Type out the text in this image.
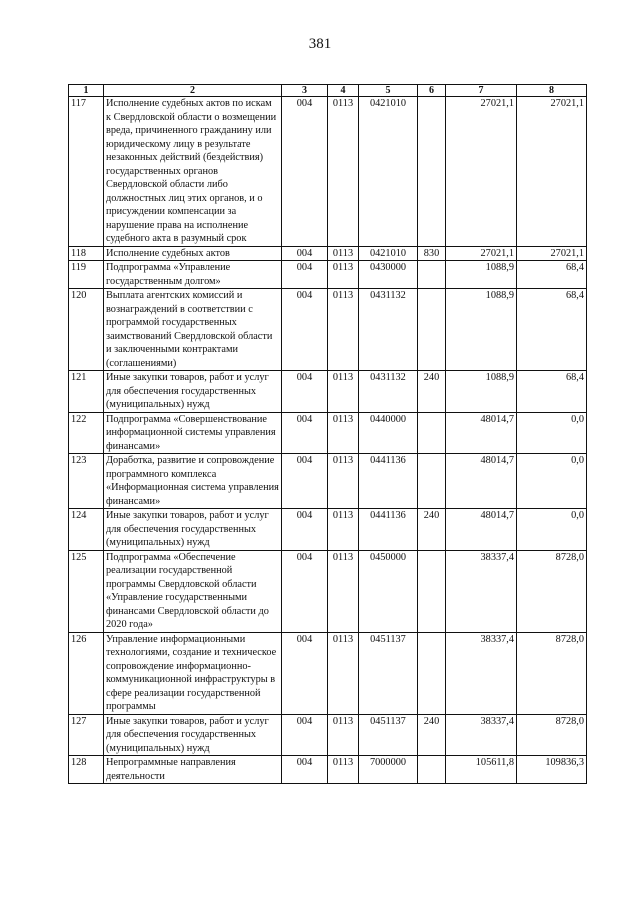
381
1	2	3	4	5	6	7	8
117	Исполнение судебных актов по искам к Свердловской области о возмещении вреда, причиненного гражданину или юридическому лицу в результате незаконных действий (бездействия) государственных органов Свердловской области либо должностных лиц этих органов, и о присуждении компенсации за нарушение права на исполнение судебного акта в разумный срок	004	0113	0421010		27021,1	27021,1
118	Исполнение судебных актов	004	0113	0421010	830	27021,1	27021,1
119	Подпрограмма «Управление государственным долгом»	004	0113	0430000		1088,9	68,4
120	Выплата агентских комиссий и вознаграждений в соответствии с программой государственных заимствований Свердловской области и заключенными контрактами (соглашениями)	004	0113	0431132		1088,9	68,4
121	Иные закупки товаров, работ и услуг для обеспечения государственных (муниципальных) нужд	004	0113	0431132	240	1088,9	68,4
122	Подпрограмма «Совершенствование информационной системы управления финансами»	004	0113	0440000		48014,7	0,0
123	Доработка, развитие и сопровождение программного комплекса «Информационная система управления финансами»	004	0113	0441136		48014,7	0,0
124	Иные закупки товаров, работ и услуг для обеспечения государственных (муниципальных) нужд	004	0113	0441136	240	48014,7	0,0
125	Подпрограмма «Обеспечение реализации государственной программы Свердловской области «Управление государственными финансами Свердловской области до 2020 года»	004	0113	0450000		38337,4	8728,0
126	Управление информационными технологиями, создание и техническое сопровождение информационно-коммуникационной инфраструктуры в сфере реализации государственной программы	004	0113	0451137		38337,4	8728,0
127	Иные закупки товаров, работ и услуг для обеспечения государственных (муниципальных) нужд	004	0113	0451137	240	38337,4	8728,0
128	Непрограммные направления деятельности	004	0113	7000000		105611,8	109836,3
